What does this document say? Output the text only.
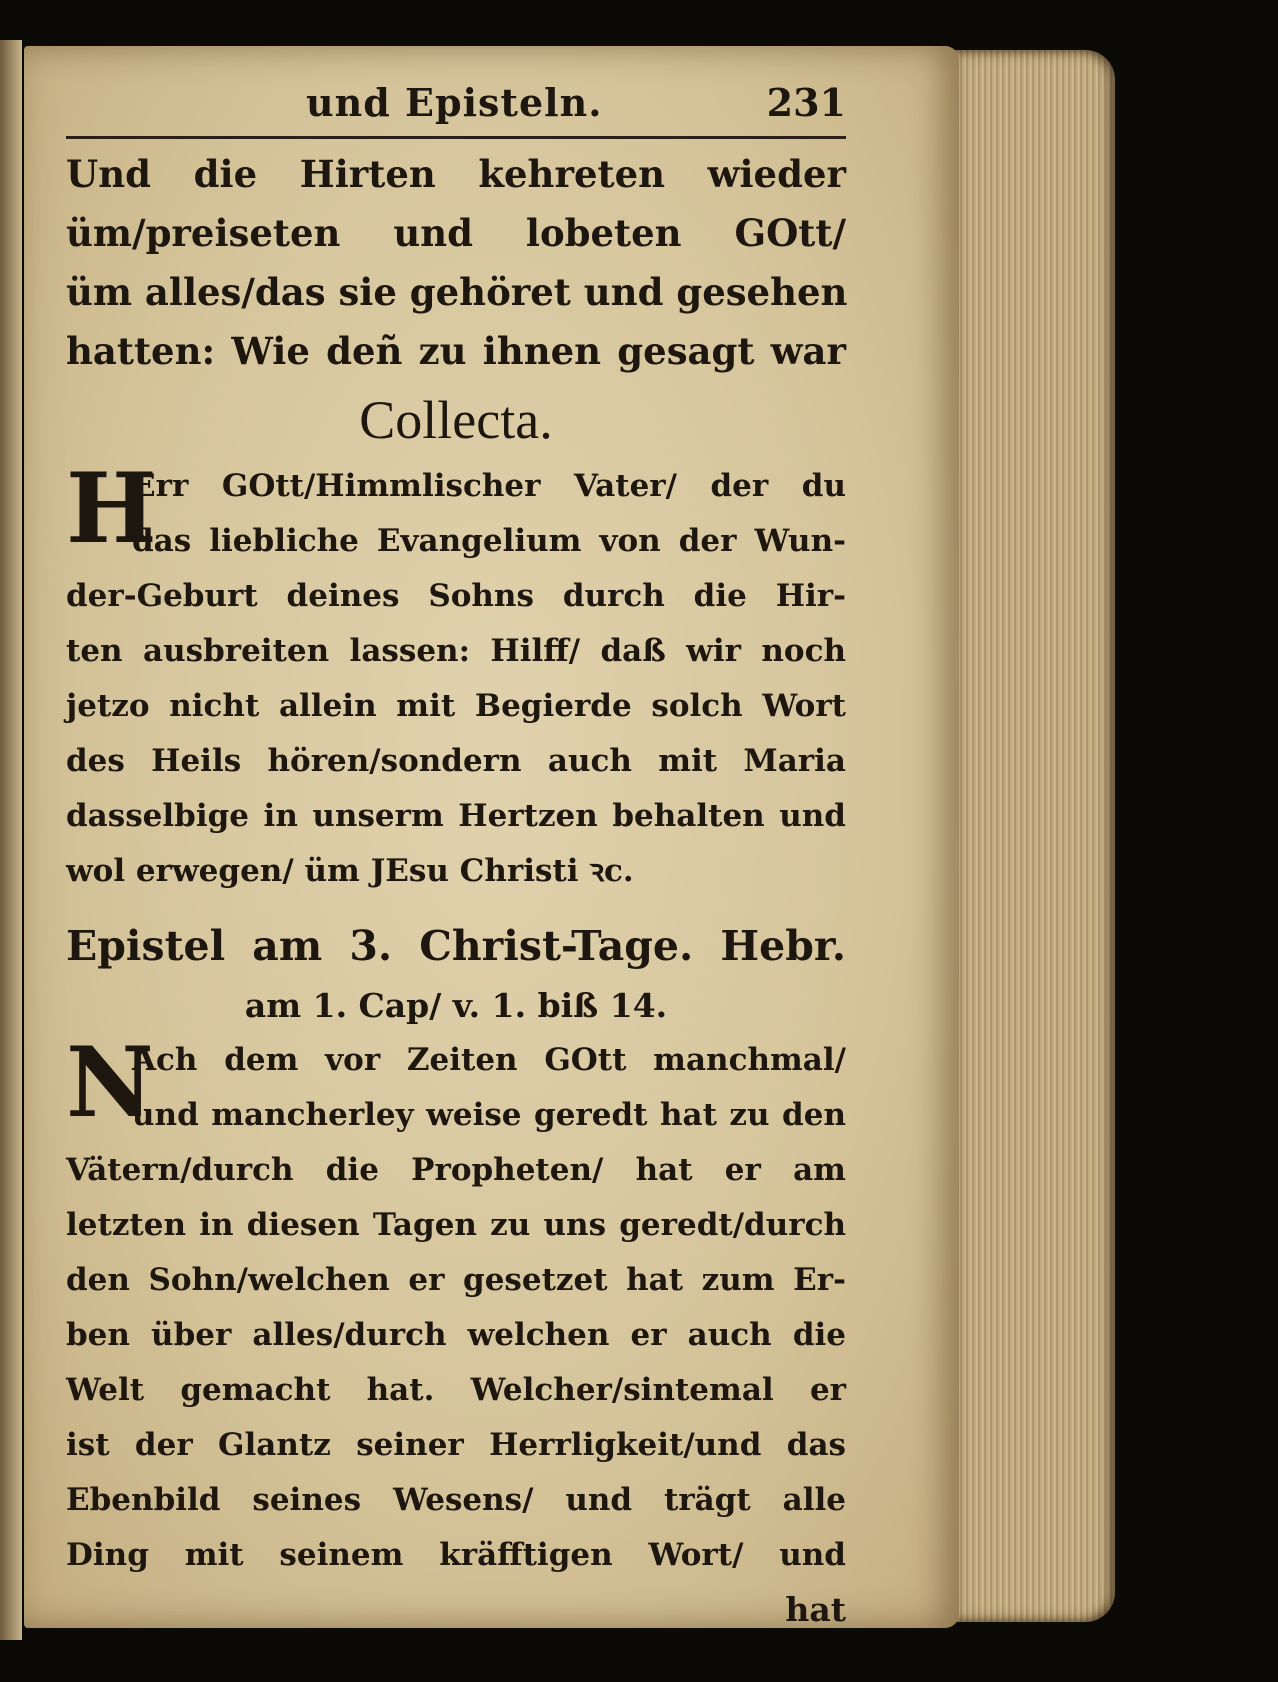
und Episteln.	231
Und die Hirten kehreten wieder
üm/preiseten und lobeten GOtt/
üm alles/das sie gehöret und gesehen
hatten: Wie deñ zu ihnen gesagt war
Collecta.
H
Err GOtt/Himmlischer Vater/ der du
das liebliche Evangelium von der Wun-
der-Geburt deines Sohns durch die Hir-
ten ausbreiten lassen: Hilff/ daß wir noch
jetzo nicht allein mit Begierde solch Wort
des Heils hören/sondern auch mit Maria
dasselbige in unserm Hertzen behalten und
wol erwegen/ üm JEsu Christi ꝛc.
Epistel am 3. Christ-Tage. Hebr.
am 1. Cap/ v. 1. biß 14.
N
Ach dem vor Zeiten GOtt manchmal/
und mancherley weise geredt hat zu den
Vätern/durch die Propheten/ hat er am
letzten in diesen Tagen zu uns geredt/durch
den Sohn/welchen er gesetzet hat zum Er-
ben über alles/durch welchen er auch die
Welt gemacht hat. Welcher/sintemal er
ist der Glantz seiner Herrligkeit/und das
Ebenbild seines Wesens/ und trägt alle
Ding mit seinem kräfftigen Wort/ und
hat
